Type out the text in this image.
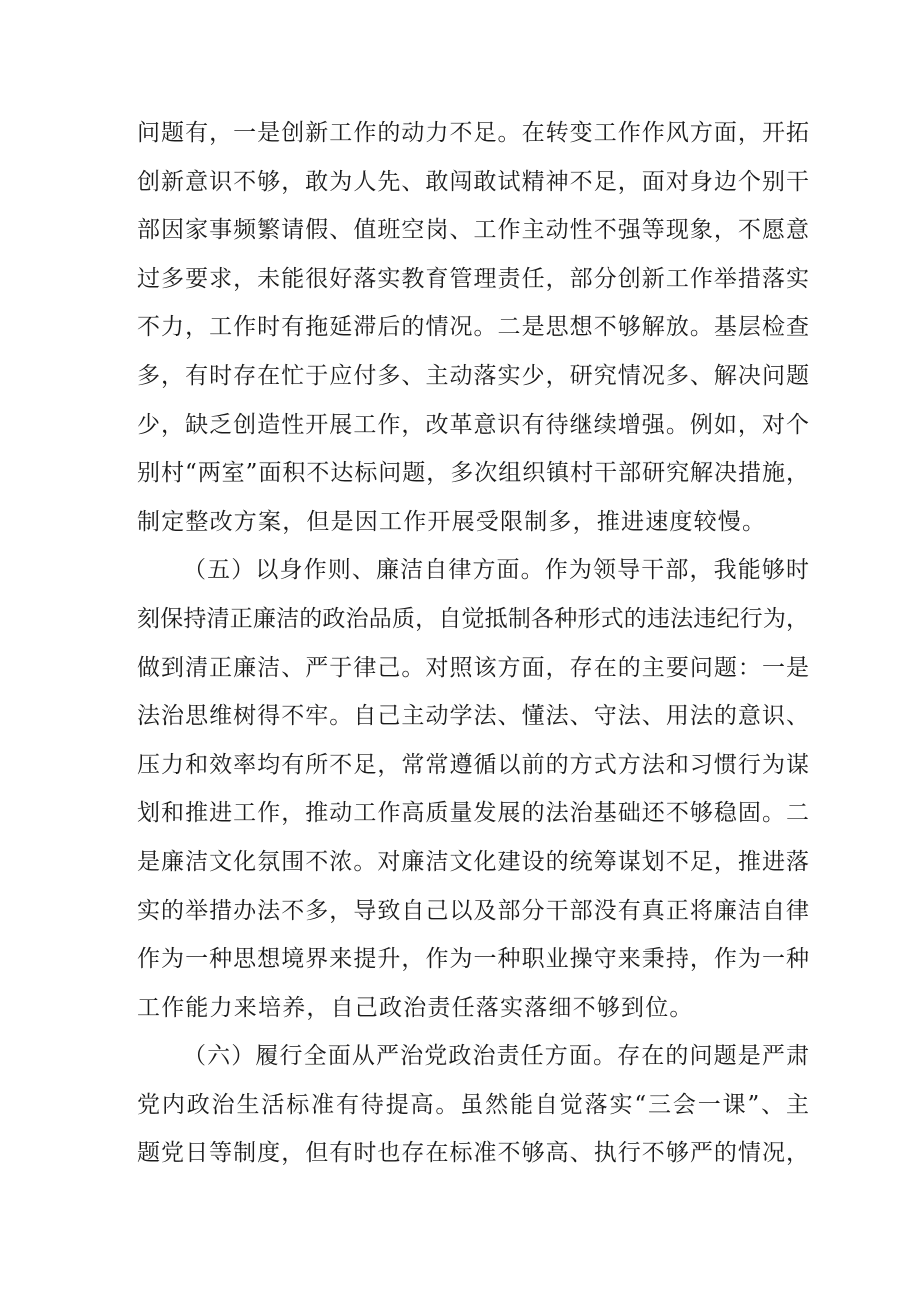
问题有，一是创新工作的动力不足。在转变工作作风方面，开拓
创新意识不够，敢为人先、敢闯敢试精神不足，面对身边个别干
部因家事频繁请假、值班空岗、工作主动性不强等现象，不愿意
过多要求，未能很好落实教育管理责任，部分创新工作举措落实
不力，工作时有拖延滞后的情况。二是思想不够解放。基层检查
多，有时存在忙于应付多、主动落实少，研究情况多、解决问题
少，缺乏创造性开展工作，改革意识有待继续增强。例如，对个
别村“两室”面积不达标问题，多次组织镇村干部研究解决措施，
制定整改方案，但是因工作开展受限制多，推进速度较慢。
（五）以身作则、廉洁自律方面。作为领导干部，我能够时
刻保持清正廉洁的政治品质，自觉抵制各种形式的违法违纪行为，
做到清正廉洁、严于律己。对照该方面，存在的主要问题：一是
法治思维树得不牢。自己主动学法、懂法、守法、用法的意识、
压力和效率均有所不足，常常遵循以前的方式方法和习惯行为谋
划和推进工作，推动工作高质量发展的法治基础还不够稳固。二
是廉洁文化氛围不浓。对廉洁文化建设的统筹谋划不足，推进落
实的举措办法不多，导致自己以及部分干部没有真正将廉洁自律
作为一种思想境界来提升，作为一种职业操守来秉持，作为一种
工作能力来培养，自己政治责任落实落细不够到位。
（六）履行全面从严治党政治责任方面。存在的问题是严肃
党内政治生活标准有待提高。虽然能自觉落实“三会一课”、主
题党日等制度，但有时也存在标准不够高、执行不够严的情况，
